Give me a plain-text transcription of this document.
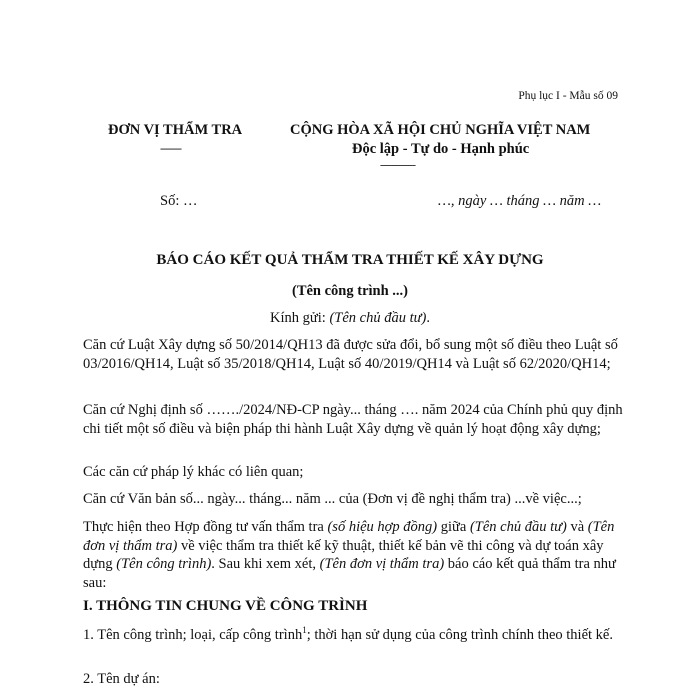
Phụ lục I - Mẫu số 09
ĐƠN VỊ THẨM TRA
-------
CỘNG HÒA XÃ HỘI CHỦ NGHĨA VIỆT NAM
Độc lập - Tự do - Hạnh phúc
---------------
Số: …	…, ngày … tháng … năm …
BÁO CÁO KẾT QUẢ THẨM TRA THIẾT KẾ XÂY DỰNG
(Tên công trình ...)
Kính gửi: (Tên chủ đầu tư).
Căn cứ Luật Xây dựng số 50/2014/QH13 đã được sửa đổi, bổ sung một số điều theo Luật số 03/2016/QH14, Luật số 35/2018/QH14, Luật số 40/2019/QH14 và Luật số 62/2020/QH14;
Căn cứ Nghị định số ……./2024/NĐ-CP ngày... tháng …. năm 2024 của Chính phủ quy định chi tiết một số điều và biện pháp thi hành Luật Xây dựng về quản lý hoạt động xây dựng;
Các căn cứ pháp lý khác có liên quan;
Căn cứ Văn bản số... ngày... tháng... năm ... của (Đơn vị đề nghị thẩm tra) ...về việc...;
Thực hiện theo Hợp đồng tư vấn thẩm tra (số hiệu hợp đồng) giữa (Tên chủ đầu tư) và (Tên đơn vị thẩm tra) về việc thẩm tra thiết kế kỹ thuật, thiết kế bản vẽ thi công và dự toán xây dựng (Tên công trình). Sau khi xem xét, (Tên đơn vị thẩm tra) báo cáo kết quả thẩm tra như sau:
I. THÔNG TIN CHUNG VỀ CÔNG TRÌNH
1. Tên công trình; loại, cấp công trình$^1$; thời hạn sử dụng của công trình chính theo thiết kế.
2. Tên dự án:
